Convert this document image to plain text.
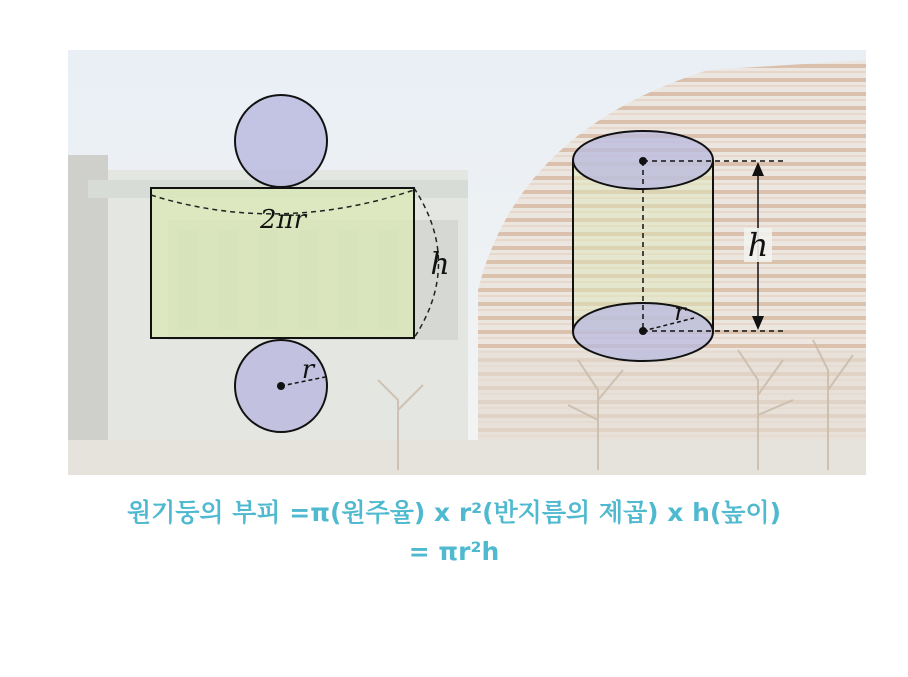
2πr
h
r
r
h
원기둥의 부피 =π(원주율) x r²(반지름의 제곱) x h(높이)
= πr²h
